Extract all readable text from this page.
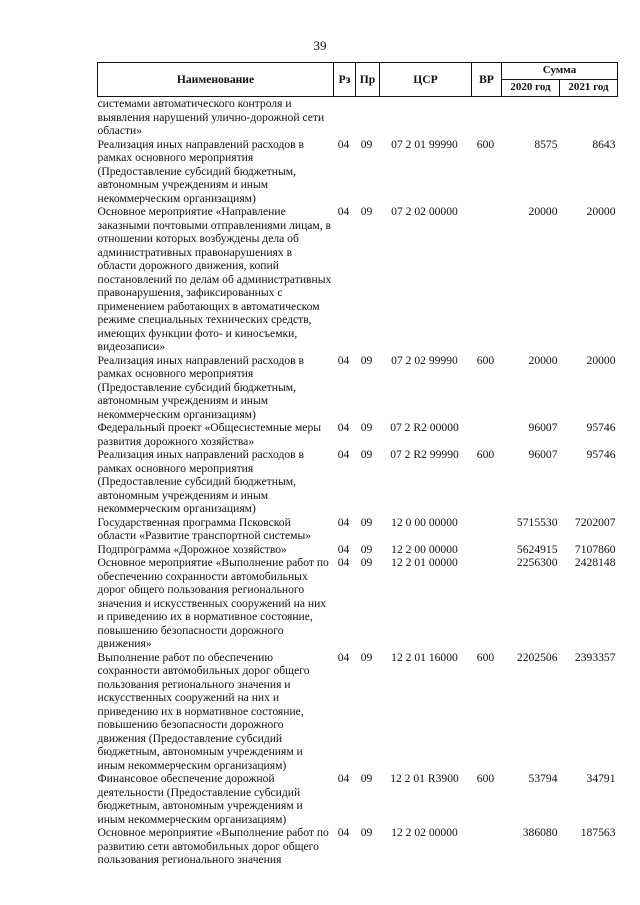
39
Наименование	Рз	Пр	ЦСР	ВР	Сумма	
					2020 год	2021 год
системами автоматического контроля и выявления нарушений улично-дорожной сети области»						
Реализация иных направлений расходов в рамках основного мероприятия (Предоставление субсидий бюджетным, автономным учреждениям и иным некоммерческим организациям)	04	09	07 2 01 99990	600	8575	8643
Основное мероприятие «Направление заказными почтовыми отправлениями лицам, в отношении которых возбуждены дела об административных правонарушениях в области дорожного движения, копий постановлений по делам об административных правонарушения, зафиксированных с применением работающих в автоматическом режиме специальных технических средств, имеющих функции фото- и киносъемки, видеозаписи»	04	09	07 2 02 00000		20000	20000
Реализация иных направлений расходов в рамках основного мероприятия (Предоставление субсидий бюджетным, автономным учреждениям и иным некоммерческим организациям)	04	09	07 2 02 99990	600	20000	20000
Федеральный проект «Общесистемные меры развития дорожного хозяйства»	04	09	07 2 R2 00000		96007	95746
Реализация иных направлений расходов в рамках основного мероприятия (Предоставление субсидий бюджетным, автономным учреждениям и иным некоммерческим организациям)	04	09	07 2 R2 99990	600	96007	95746
Государственная программа Псковской области «Развитие транспортной системы»	04	09	12 0 00 00000		5715530	7202007
Подпрограмма «Дорожное хозяйство»	04	09	12 2 00 00000		5624915	7107860
Основное мероприятие «Выполнение работ по обеспечению сохранности автомобильных дорог общего пользования регионального значения и искусственных сооружений на них и приведению их в нормативное состояние, повышению безопасности дорожного движения»	04	09	12 2 01 00000		2256300	2428148
Выполнение работ по обеспечению сохранности автомобильных дорог общего пользования регионального значения и искусственных сооружений на них и приведению их в нормативное состояние, повышению безопасности дорожного движения (Предоставление субсидий бюджетным, автономным учреждениям и иным некоммерческим организациям)	04	09	12 2 01 16000	600	2202506	2393357
Финансовое обеспечение дорожной деятельности (Предоставление субсидий бюджетным, автономным учреждениям и иным некоммерческим организациям)	04	09	12 2 01 R3900	600	53794	34791
Основное мероприятие «Выполнение работ по развитию сети автомобильных дорог общего пользования регионального значения	04	09	12 2 02 00000		386080	187563
